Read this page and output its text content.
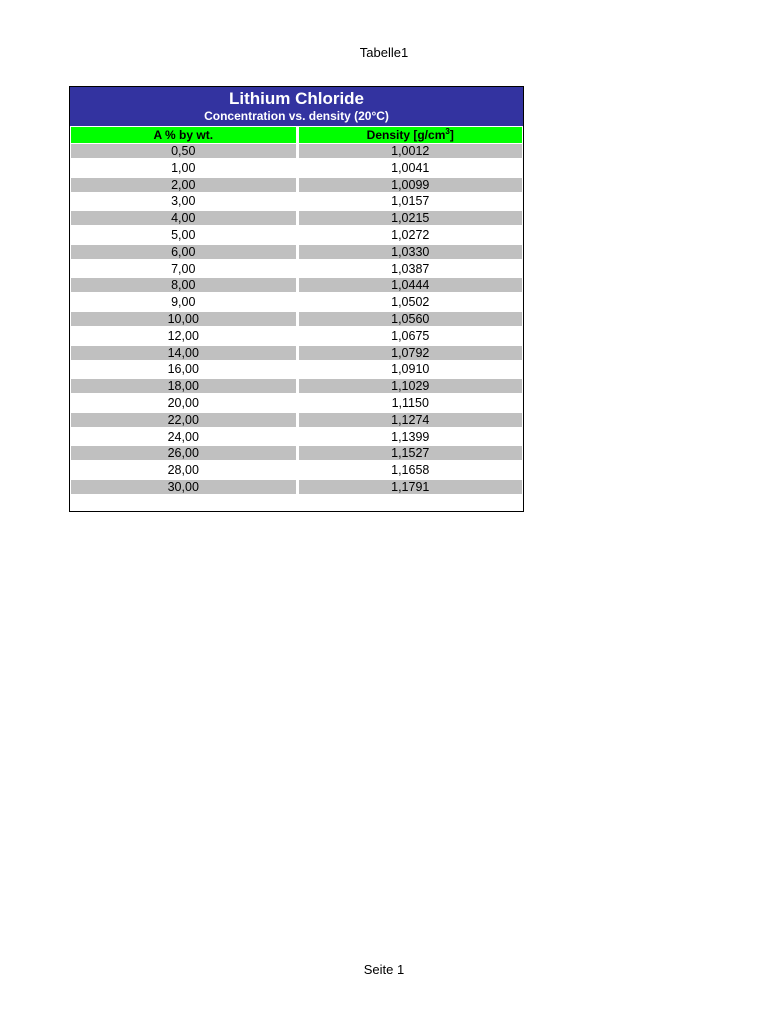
Tabelle1
Lithium Chloride
Concentration vs. density (20°C)
A % by wt.	Density $[g/cm^3]$
0,50	1,0012
1,00	1,0041
2,00	1,0099
3,00	1,0157
4,00	1,0215
5,00	1,0272
6,00	1,0330
7,00	1,0387
8,00	1,0444
9,00	1,0502
10,00	1,0560
12,00	1,0675
14,00	1,0792
16,00	1,0910
18,00	1,1029
20,00	1,1150
22,00	1,1274
24,00	1,1399
26,00	1,1527
28,00	1,1658
30,00	1,1791
Seite 1
